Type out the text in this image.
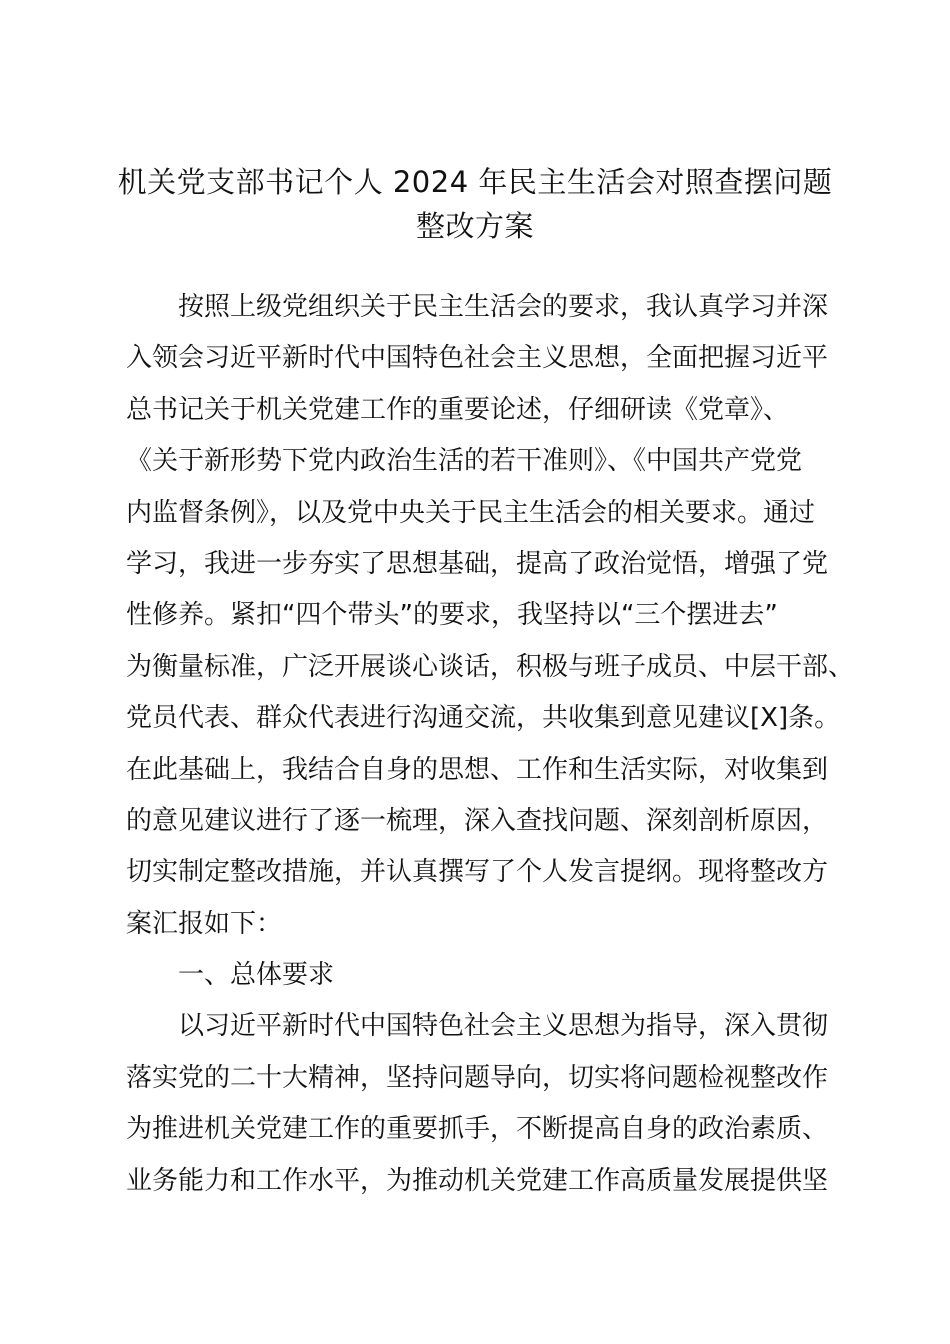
机关党支部书记个人 2024 年民主生活会对照查摆问题
整改方案
按照上级党组织关于民主生活会的要求，我认真学习并深
入领会习近平新时代中国特色社会主义思想，全面把握习近平
总书记关于机关党建工作的重要论述，仔细研读《党章》、
《关于新形势下党内政治生活的若干准则》、《中国共产党党
内监督条例》，以及党中央关于民主生活会的相关要求。通过
学习，我进一步夯实了思想基础，提高了政治觉悟，增强了党
性修养。紧扣“四个带头”的要求，我坚持以“三个摆进去”
为衡量标准，广泛开展谈心谈话，积极与班子成员、中层干部、
党员代表、群众代表进行沟通交流，共收集到意见建议[X]条。
在此基础上，我结合自身的思想、工作和生活实际，对收集到
的意见建议进行了逐一梳理，深入查找问题、深刻剖析原因，
切实制定整改措施，并认真撰写了个人发言提纲。现将整改方
案汇报如下：
一、总体要求
以习近平新时代中国特色社会主义思想为指导，深入贯彻
落实党的二十大精神，坚持问题导向，切实将问题检视整改作
为推进机关党建工作的重要抓手，不断提高自身的政治素质、
业务能力和工作水平，为推动机关党建工作高质量发展提供坚
